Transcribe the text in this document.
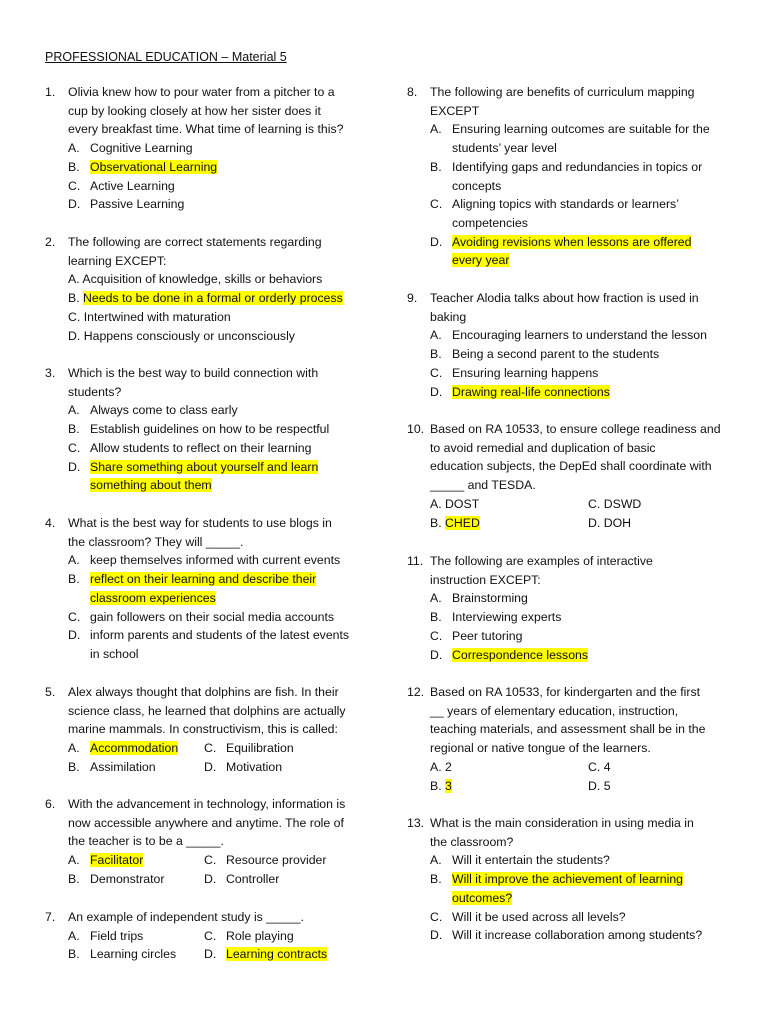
PROFESSIONAL EDUCATION – Material 5
1. Olivia knew how to pour water from a pitcher to a
cup by looking closely at how her sister does it
every breakfast time. What time of learning is this?
A. Cognitive Learning
B. Observational Learning
C. Active Learning
D. Passive Learning
2. The following are correct statements regarding
learning EXCEPT:
A. Acquisition of knowledge, skills or behaviors
B. Needs to be done in a formal or orderly process
C. Intertwined with maturation
D. Happens consciously or unconsciously
3. Which is the best way to build connection with
students?
A. Always come to class early
B. Establish guidelines on how to be respectful
C. Allow students to reflect on their learning
D. Share something about yourself and learn
something about them
4. What is the best way for students to use blogs in
the classroom? They will _____.
A. keep themselves informed with current events
B. reflect on their learning and describe their
classroom experiences
C. gain followers on their social media accounts
D. inform parents and students of the latest events
in school
5. Alex always thought that dolphins are fish. In their
science class, he learned that dolphins are actually
marine mammals. In constructivism, this is called:
A. Accommodation	C. Equilibration
B. Assimilation	D. Motivation
6. With the advancement in technology, information is
now accessible anywhere and anytime. The role of
the teacher is to be a _____.
A. Facilitator	C. Resource provider
B. Demonstrator	D. Controller
7. An example of independent study is _____.
A. Field trips	C. Role playing
B. Learning circles	D. Learning contracts
8. The following are benefits of curriculum mapping
EXCEPT
A. Ensuring learning outcomes are suitable for the
students’ year level
B. Identifying gaps and redundancies in topics or
concepts
C. Aligning topics with standards or learners’
competencies
D. Avoiding revisions when lessons are offered
every year
9. Teacher Alodia talks about how fraction is used in
baking
A. Encouraging learners to understand the lesson
B. Being a second parent to the students
C. Ensuring learning happens
D. Drawing real-life connections
10. Based on RA 10533, to ensure college readiness and
to avoid remedial and duplication of basic
education subjects, the DepEd shall coordinate with
_____ and TESDA.
A. DOST	C. DSWD
B. CHED	D. DOH
11. The following are examples of interactive
instruction EXCEPT:
A. Brainstorming
B. Interviewing experts
C. Peer tutoring
D. Correspondence lessons
12. Based on RA 10533, for kindergarten and the first
__ years of elementary education, instruction,
teaching materials, and assessment shall be in the
regional or native tongue of the learners.
A. 2	C. 4
B. 3	D. 5
13. What is the main consideration in using media in
the classroom?
A. Will it entertain the students?
B. Will it improve the achievement of learning
outcomes?
C. Will it be used across all levels?
D. Will it increase collaboration among students?
